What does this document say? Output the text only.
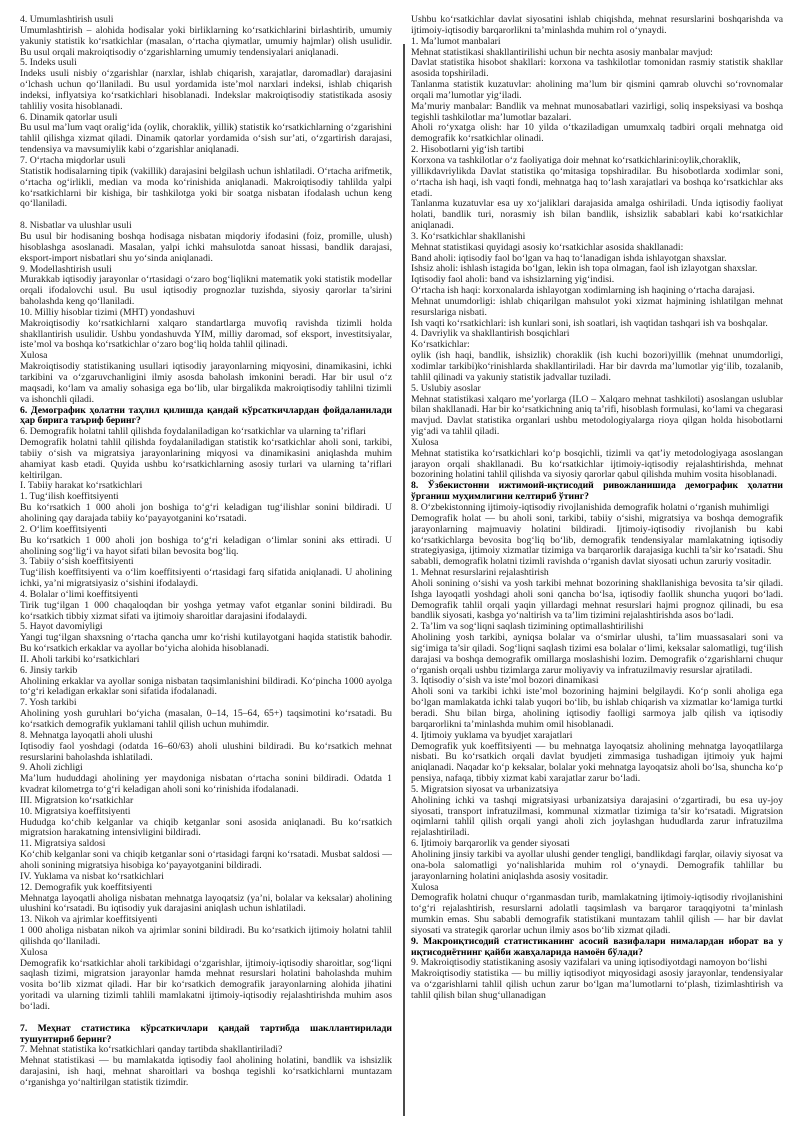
4. Umumlashtirish usuli

Umumlashtirish – alohida hodisalar yoki birliklarning ko‘rsatkichlarini birlashtirib, umumiy yakuniy statistik ko‘rsatkichlar (masalan, o‘rtacha qiymatlar, umumiy hajmlar) olish usulidir. Bu usul orqali makroiqtisodiy o‘zgarishlarning umumiy tendensiyalari aniqlanadi.

5. Indeks usuli

Indeks usuli nisbiy o‘zgarishlar (narxlar, ishlab chiqarish, xarajatlar, daromadlar) darajasini o‘lchash uchun qo‘llaniladi. Bu usul yordamida iste’mol narxlari indeksi, ishlab chiqarish indeksi, inflyatsiya ko‘rsatkichlari hisoblanadi. Indekslar makroiqtisodiy statistikada asosiy tahliliy vosita hisoblanadi.

6. Dinamik qatorlar usuli

Bu usul ma’lum vaqt oralig‘ida (oylik, choraklik, yillik) statistik ko‘rsatkichlarning o‘zgarishini tahlil qilishga xizmat qiladi. Dinamik qatorlar yordamida o‘sish sur’ati, o‘zgartirish darajasi, tendensiya va mavsumiylik kabi o‘zgarishlar aniqlanadi.

7. O‘rtacha miqdorlar usuli

Statistik hodisalarning tipik (vakillik) darajasini belgilash uchun ishlatiladi. O‘rtacha arifmetik, o‘rtacha og‘irlikli, median va moda ko‘rinishida aniqlanadi. Makroiqtisodiy tahlilda yalpi ko‘rsatkichlarni bir kishiga, bir tashkilotga yoki bir soatga nisbatan ifodalash uchun keng qo‘llaniladi.

8. Nisbatlar va ulushlar usuli

Bu usul bir hodisaning boshqa hodisaga nisbatan miqdoriy ifodasini (foiz, promille, ulush) hisoblashga asoslanadi. Masalan, yalpi ichki mahsulotda sanoat hissasi, bandlik darajasi, eksport-import nisbatlari shu yo‘sinda aniqlanadi.

9. Modellashtirish usuli

Murakkab iqtisodiy jarayonlar o‘rtasidagi o‘zaro bog‘liqlikni matematik yoki statistik modellar orqali ifodalovchi usul. Bu usul iqtisodiy prognozlar tuzishda, siyosiy qarorlar ta’sirini baholashda keng qo‘llaniladi.

10. Milliy hisoblar tizimi (MHT) yondashuvi

Makroiqtisodiy ko‘rsatkichlarni xalqaro standartlarga muvofiq ravishda tizimli holda shakllantirish usulidir. Ushbu yondashuvda YIM, milliy daromad, sof eksport, investitsiyalar, iste’mol va boshqa ko‘rsatkichlar o‘zaro bog‘liq holda tahlil qilinadi.

Xulosa

Makroiqtisodiy statistikaning usullari iqtisodiy jarayonlarning miqyosini, dinamikasini, ichki tarkibini va o‘zgaruvchanligini ilmiy asosda baholash imkonini beradi. Har bir usul o‘z maqsadi, ko‘lam va amaliy sohasiga ega bo‘lib, ular birgalikda makroiqtisodiy tahlilni tizimli va ishonchli qiladi.

6. Демографик ҳолатни таҳлил қилишда қандай кўрсаткичлардан фойдаланилади ҳар бирига таъриф беринг?

6. Demografik holatni tahlil qilishda foydalaniladigan ko‘rsatkichlar va ularning ta’riflari

Demografik holatni tahlil qilishda foydalaniladigan statistik ko‘rsatkichlar aholi soni, tarkibi, tabiiy o‘sish va migratsiya jarayonlarining miqyosi va dinamikasini aniqlashda muhim ahamiyat kasb etadi. Quyida ushbu ko‘rsatkichlarning asosiy turlari va ularning ta’riflari keltirilgan.

I. Tabiiy harakat ko‘rsatkichlari

1. Tug‘ilish koeffitsiyenti

Bu ko‘rsatkich 1 000 aholi jon boshiga to‘g‘ri keladigan tug‘ilishlar sonini bildiradi. U aholining qay darajada tabiiy ko‘payayotganini ko‘rsatadi.

2. O‘lim koeffitsiyenti

Bu ko‘rsatkich 1 000 aholi jon boshiga to‘g‘ri keladigan o‘limlar sonini aks ettiradi. U aholining sog‘lig‘i va hayot sifati bilan bevosita bog‘liq.

3. Tabiiy o‘sish koeffitsiyenti

Tug‘ilish koeffitsiyenti va o‘lim koeffitsiyenti o‘rtasidagi farq sifatida aniqlanadi. U aholining ichki, ya’ni migratsiyasiz o‘sishini ifodalaydi.

4. Bolalar o‘limi koeffitsiyenti

Tirik tug‘ilgan 1 000 chaqaloqdan bir yoshga yetmay vafot etganlar sonini bildiradi. Bu ko‘rsatkich tibbiy xizmat sifati va ijtimoiy sharoitlar darajasini ifodalaydi.

5. Hayot davomiyligi

Yangi tug‘ilgan shaxsning o‘rtacha qancha umr ko‘rishi kutilayotgani haqida statistik bahodir. Bu ko‘rsatkich erkaklar va ayollar bo‘yicha alohida hisoblanadi.

II. Aholi tarkibi ko‘rsatkichlari

6. Jinsiy tarkib

Aholining erkaklar va ayollar soniga nisbatan taqsimlanishini bildiradi. Ko‘pincha 1000 ayolga to‘g‘ri keladigan erkaklar soni sifatida ifodalanadi.

7. Yosh tarkibi

Aholining yosh guruhlari bo‘yicha (masalan, 0–14, 15–64, 65+) taqsimotini ko‘rsatadi. Bu ko‘rsatkich demografik yuklamani tahlil qilish uchun muhimdir.

8. Mehnatga layoqatli aholi ulushi

Iqtisodiy faol yoshdagi (odatda 16–60/63) aholi ulushini bildiradi. Bu ko‘rsatkich mehnat resurslarini baholashda ishlatiladi.

9. Aholi zichligi

Ma’lum hududdagi aholining yer maydoniga nisbatan o‘rtacha sonini bildiradi. Odatda 1 kvadrat kilometrga to‘g‘ri keladigan aholi soni ko‘rinishida ifodalanadi.

III. Migratsion ko‘rsatkichlar

10. Migratsiya koeffitsiyenti

Hududga ko‘chib kelganlar va chiqib ketganlar soni asosida aniqlanadi. Bu ko‘rsatkich migratsion harakatning intensivligini bildiradi.

11. Migratsiya saldosi

Ko‘chib kelganlar soni va chiqib ketganlar soni o‘rtasidagi farqni ko‘rsatadi. Musbat saldosi — aholi sonining migratsiya hisobiga ko‘payayotganini bildiradi.

IV. Yuklama va nisbat ko‘rsatkichlari

12. Demografik yuk koeffitsiyenti

Mehnatga layoqatli aholiga nisbatan mehnatga layoqatsiz (ya’ni, bolalar va keksalar) aholining ulushini ko‘rsatadi. Bu iqtisodiy yuk darajasini aniqlash uchun ishlatiladi.

13. Nikoh va ajrimlar koeffitsiyenti

1 000 aholiga nisbatan nikoh va ajrimlar sonini bildiradi. Bu ko‘rsatkich ijtimoiy holatni tahlil qilishda qo‘llaniladi.

Xulosa

Demografik ko‘rsatkichlar aholi tarkibidagi o‘zgarishlar, ijtimoiy-iqtisodiy sharoitlar, sog‘liqni saqlash tizimi, migratsion jarayonlar hamda mehnat resurslari holatini baholashda muhim vosita bo‘lib xizmat qiladi. Har bir ko‘rsatkich demografik jarayonlarning alohida jihatini yoritadi va ularning tizimli tahlili mamlakatni ijtimoiy-iqtisodiy rejalashtirishda muhim asos bo‘ladi.

7. Меҳнат статистика кўрсаткичлари қандай тартибда шакллантирилади тушунтириб беринг?

7. Mehnat statistika ko‘rsatkichlari qanday tartibda shakllantiriladi?

Mehnat statistikasi — bu mamlakatda iqtisodiy faol aholining holatini, bandlik va ishsizlik darajasini, ish haqi, mehnat sharoitlari va boshqa tegishli ko‘rsatkichlarni muntazam o‘rganishga yo‘naltirilgan statistik tizimdir.

Ushbu ko‘rsatkichlar davlat siyosatini ishlab chiqishda, mehnat resurslarini boshqarishda va ijtimoiy-iqtisodiy barqarorlikni ta’minlashda muhim rol o‘ynaydi.

1. Ma’lumot manbalari

Mehnat statistikasi shakllantirilishi uchun bir nechta asosiy manbalar mavjud:

Davlat statistika hisobot shakllari: korxona va tashkilotlar tomonidan rasmiy statistik shakllar asosida topshiriladi.

Tanlanma statistik kuzatuvlar: aholining ma’lum bir qismini qamrab oluvchi so‘rovnomalar orqali ma’lumotlar yig‘iladi.

Ma’muriy manbalar: Bandlik va mehnat munosabatlari vazirligi, soliq inspeksiyasi va boshqa tegishli tashkilotlar ma’lumotlar bazalari.

Aholi ro‘yxatga olish: har 10 yilda o‘tkaziladigan umumxalq tadbiri orqali mehnatga oid demografik ko‘rsatkichlar olinadi.

2. Hisobotlarni yig‘ish tartibi

Korxona va tashkilotlar o‘z faoliyatiga doir mehnat ko‘rsatkichlarini:oylik,choraklik,

yillikdavriylikda Davlat statistika qo‘mitasiga topshiradilar. Bu hisobotlarda xodimlar soni, o‘rtacha ish haqi, ish vaqti fondi, mehnatga haq to‘lash xarajatlari va boshqa ko‘rsatkichlar aks etadi.

Tanlanma kuzatuvlar esa uy xo‘jaliklari darajasida amalga oshiriladi. Unda iqtisodiy faoliyat holati, bandlik turi, norasmiy ish bilan bandlik, ishsizlik sabablari kabi ko‘rsatkichlar aniqlanadi.

3. Ko‘rsatkichlar shakllanishi

Mehnat statistikasi quyidagi asosiy ko‘rsatkichlar asosida shakllanadi:

Band aholi: iqtisodiy faol bo‘lgan va haq to‘lanadigan ishda ishlayotgan shaxslar.

Ishsiz aholi: ishlash istagida bo‘lgan, lekin ish topa olmagan, faol ish izlayotgan shaxslar.

Iqtisodiy faol aholi: band va ishsizlarning yig‘indisi.

O‘rtacha ish haqi: korxonalarda ishlayotgan xodimlarning ish haqining o‘rtacha darajasi.

Mehnat unumdorligi: ishlab chiqarilgan mahsulot yoki xizmat hajmining ishlatilgan mehnat resurslariga nisbati.

Ish vaqti ko‘rsatkichlari: ish kunlari soni, ish soatlari, ish vaqtidan tashqari ish va boshqalar.

4. Davriylik va shakllantirish bosqichlari

Ko‘rsatkichlar:

oylik (ish haqi, bandlik, ishsizlik) choraklik (ish kuchi bozori)yillik (mehnat unumdorligi, xodimlar tarkibi)ko‘rinishlarda shakllantiriladi. Har bir davrda ma’lumotlar yig‘ilib, tozalanib, tahlil qilinadi va yakuniy statistik jadvallar tuziladi.

5. Uslubiy asoslar

Mehnat statistikasi xalqaro me’yorlarga (ILO – Xalqaro mehnat tashkiloti) asoslangan uslublar bilan shakllanadi. Har bir ko‘rsatkichning aniq ta’rifi, hisoblash formulasi, ko‘lami va chegarasi mavjud. Davlat statistika organlari ushbu metodologiyalarga rioya qilgan holda hisobotlarni yig‘adi va tahlil qiladi.

Xulosa

Mehnat statistika ko‘rsatkichlari ko‘p bosqichli, tizimli va qat’iy metodologiyaga asoslangan jarayon orqali shakllanadi. Bu ko‘rsatkichlar ijtimoiy-iqtisodiy rejalashtirishda, mehnat bozorining holatini tahlil qilishda va siyosiy qarorlar qabul qilishda muhim vosita hisoblanadi.

8. Ўзбекистонни ижтимоий-иқтисодий ривожланишида демографик ҳолатни ўрганиш муҳимлигини келтириб ўтинг?

8. O‘zbekistonning ijtimoiy-iqtisodiy rivojlanishida demografik holatni o‘rganish muhimligi

Demografik holat — bu aholi soni, tarkibi, tabiiy o‘sishi, migratsiya va boshqa demografik jarayonlarning majmuaviy holatini bildiradi. Ijtimoiy-iqtisodiy rivojlanish bu kabi ko‘rsatkichlarga bevosita bog‘liq bo‘lib, demografik tendensiyalar mamlakatning iqtisodiy strategiyasiga, ijtimoiy xizmatlar tizimiga va barqarorlik darajasiga kuchli ta’sir ko‘rsatadi. Shu sababli, demografik holatni tizimli ravishda o‘rganish davlat siyosati uchun zaruriy vositadir.

1. Mehnat resurslarini rejalashtirish

Aholi sonining o‘sishi va yosh tarkibi mehnat bozorining shakllanishiga bevosita ta’sir qiladi. Ishga layoqatli yoshdagi aholi soni qancha bo‘lsa, iqtisodiy faollik shuncha yuqori bo‘ladi. Demografik tahlil orqali yaqin yillardagi mehnat resurslari hajmi prognoz qilinadi, bu esa bandlik siyosati, kasbga yo‘naltirish va ta’lim tizimini rejalashtirishda asos bo‘ladi.

2. Ta’lim va sog‘liqni saqlash tizimining optimallashtirilishi

Aholining yosh tarkibi, ayniqsa bolalar va o‘smirlar ulushi, ta’lim muassasalari soni va sig‘imiga ta’sir qiladi. Sog‘liqni saqlash tizimi esa bolalar o‘limi, keksalar salomatligi, tug‘ilish darajasi va boshqa demografik omillarga moslashishi lozim. Demografik o‘zgarishlarni chuqur o‘rganish orqali ushbu tizimlarga zarur moliyaviy va infratuzilmaviy resurslar ajratiladi.

3. Iqtisodiy o‘sish va iste’mol bozori dinamikasi

Aholi soni va tarkibi ichki iste’mol bozorining hajmini belgilaydi. Ko‘p sonli aholiga ega bo‘lgan mamlakatda ichki talab yuqori bo‘lib, bu ishlab chiqarish va xizmatlar ko‘lamiga turtki beradi. Shu bilan birga, aholining iqtisodiy faolligi sarmoya jalb qilish va iqtisodiy barqarorlikni ta’minlashda muhim omil hisoblanadi.

4. Ijtimoiy yuklama va byudjet xarajatlari

Demografik yuk koeffitsiyenti — bu mehnatga layoqatsiz aholining mehnatga layoqatlilarga nisbati. Bu ko‘rsatkich orqali davlat byudjeti zimmasiga tushadigan ijtimoiy yuk hajmi aniqlanadi. Naqadar ko‘p keksalar, bolalar yoki mehnatga layoqatsiz aholi bo‘lsa, shuncha ko‘p pensiya, nafaqa, tibbiy xizmat kabi xarajatlar zarur bo‘ladi.

5. Migratsion siyosat va urbanizatsiya

Aholining ichki va tashqi migratsiyasi urbanizatsiya darajasini o‘zgartiradi, bu esa uy-joy siyosati, transport infratuzilmasi, kommunal xizmatlar tizimiga ta’sir ko‘rsatadi. Migratsion oqimlarni tahlil qilish orqali yangi aholi zich joylashgan hududlarda zarur infratuzilma rejalashtiriladi.

6. Ijtimoiy barqarorlik va gender siyosati

Aholining jinsiy tarkibi va ayollar ulushi gender tengligi, bandlikdagi farqlar, oilaviy siyosat va ona-bola salomatligi yo‘nalishlarida muhim rol o‘ynaydi. Demografik tahlillar bu jarayonlarning holatini aniqlashda asosiy vositadir.

Xulosa

Demografik holatni chuqur o‘rganmasdan turib, mamlakatning ijtimoiy-iqtisodiy rivojlanishini to‘g‘ri rejalashtirish, resurslarni adolatli taqsimlash va barqaror taraqqiyotni ta’minlash mumkin emas. Shu sababli demografik statistikani muntazam tahlil qilish — har bir davlat siyosati va strategik qarorlar uchun ilmiy asos bo‘lib xizmat qiladi.

9. Макроиқтисодий статистиканинг асосий вазифалари нималардан иборат ва у иқтисодиётнинг қайби жавҳаларида намоён бўлади?

9. Makroiqtisodiy statistikaning asosiy vazifalari va uning iqtisodiyotdagi namoyon bo‘lishi

Makroiqtisodiy statistika — bu milliy iqtisodiyot miqyosidagi asosiy jarayonlar, tendensiyalar va o‘zgarishlarni tahlil qilish uchun zarur bo‘lgan ma’lumotlarni to‘plash, tizimlashtirish va tahlil qilish bilan shug‘ullanadigan
